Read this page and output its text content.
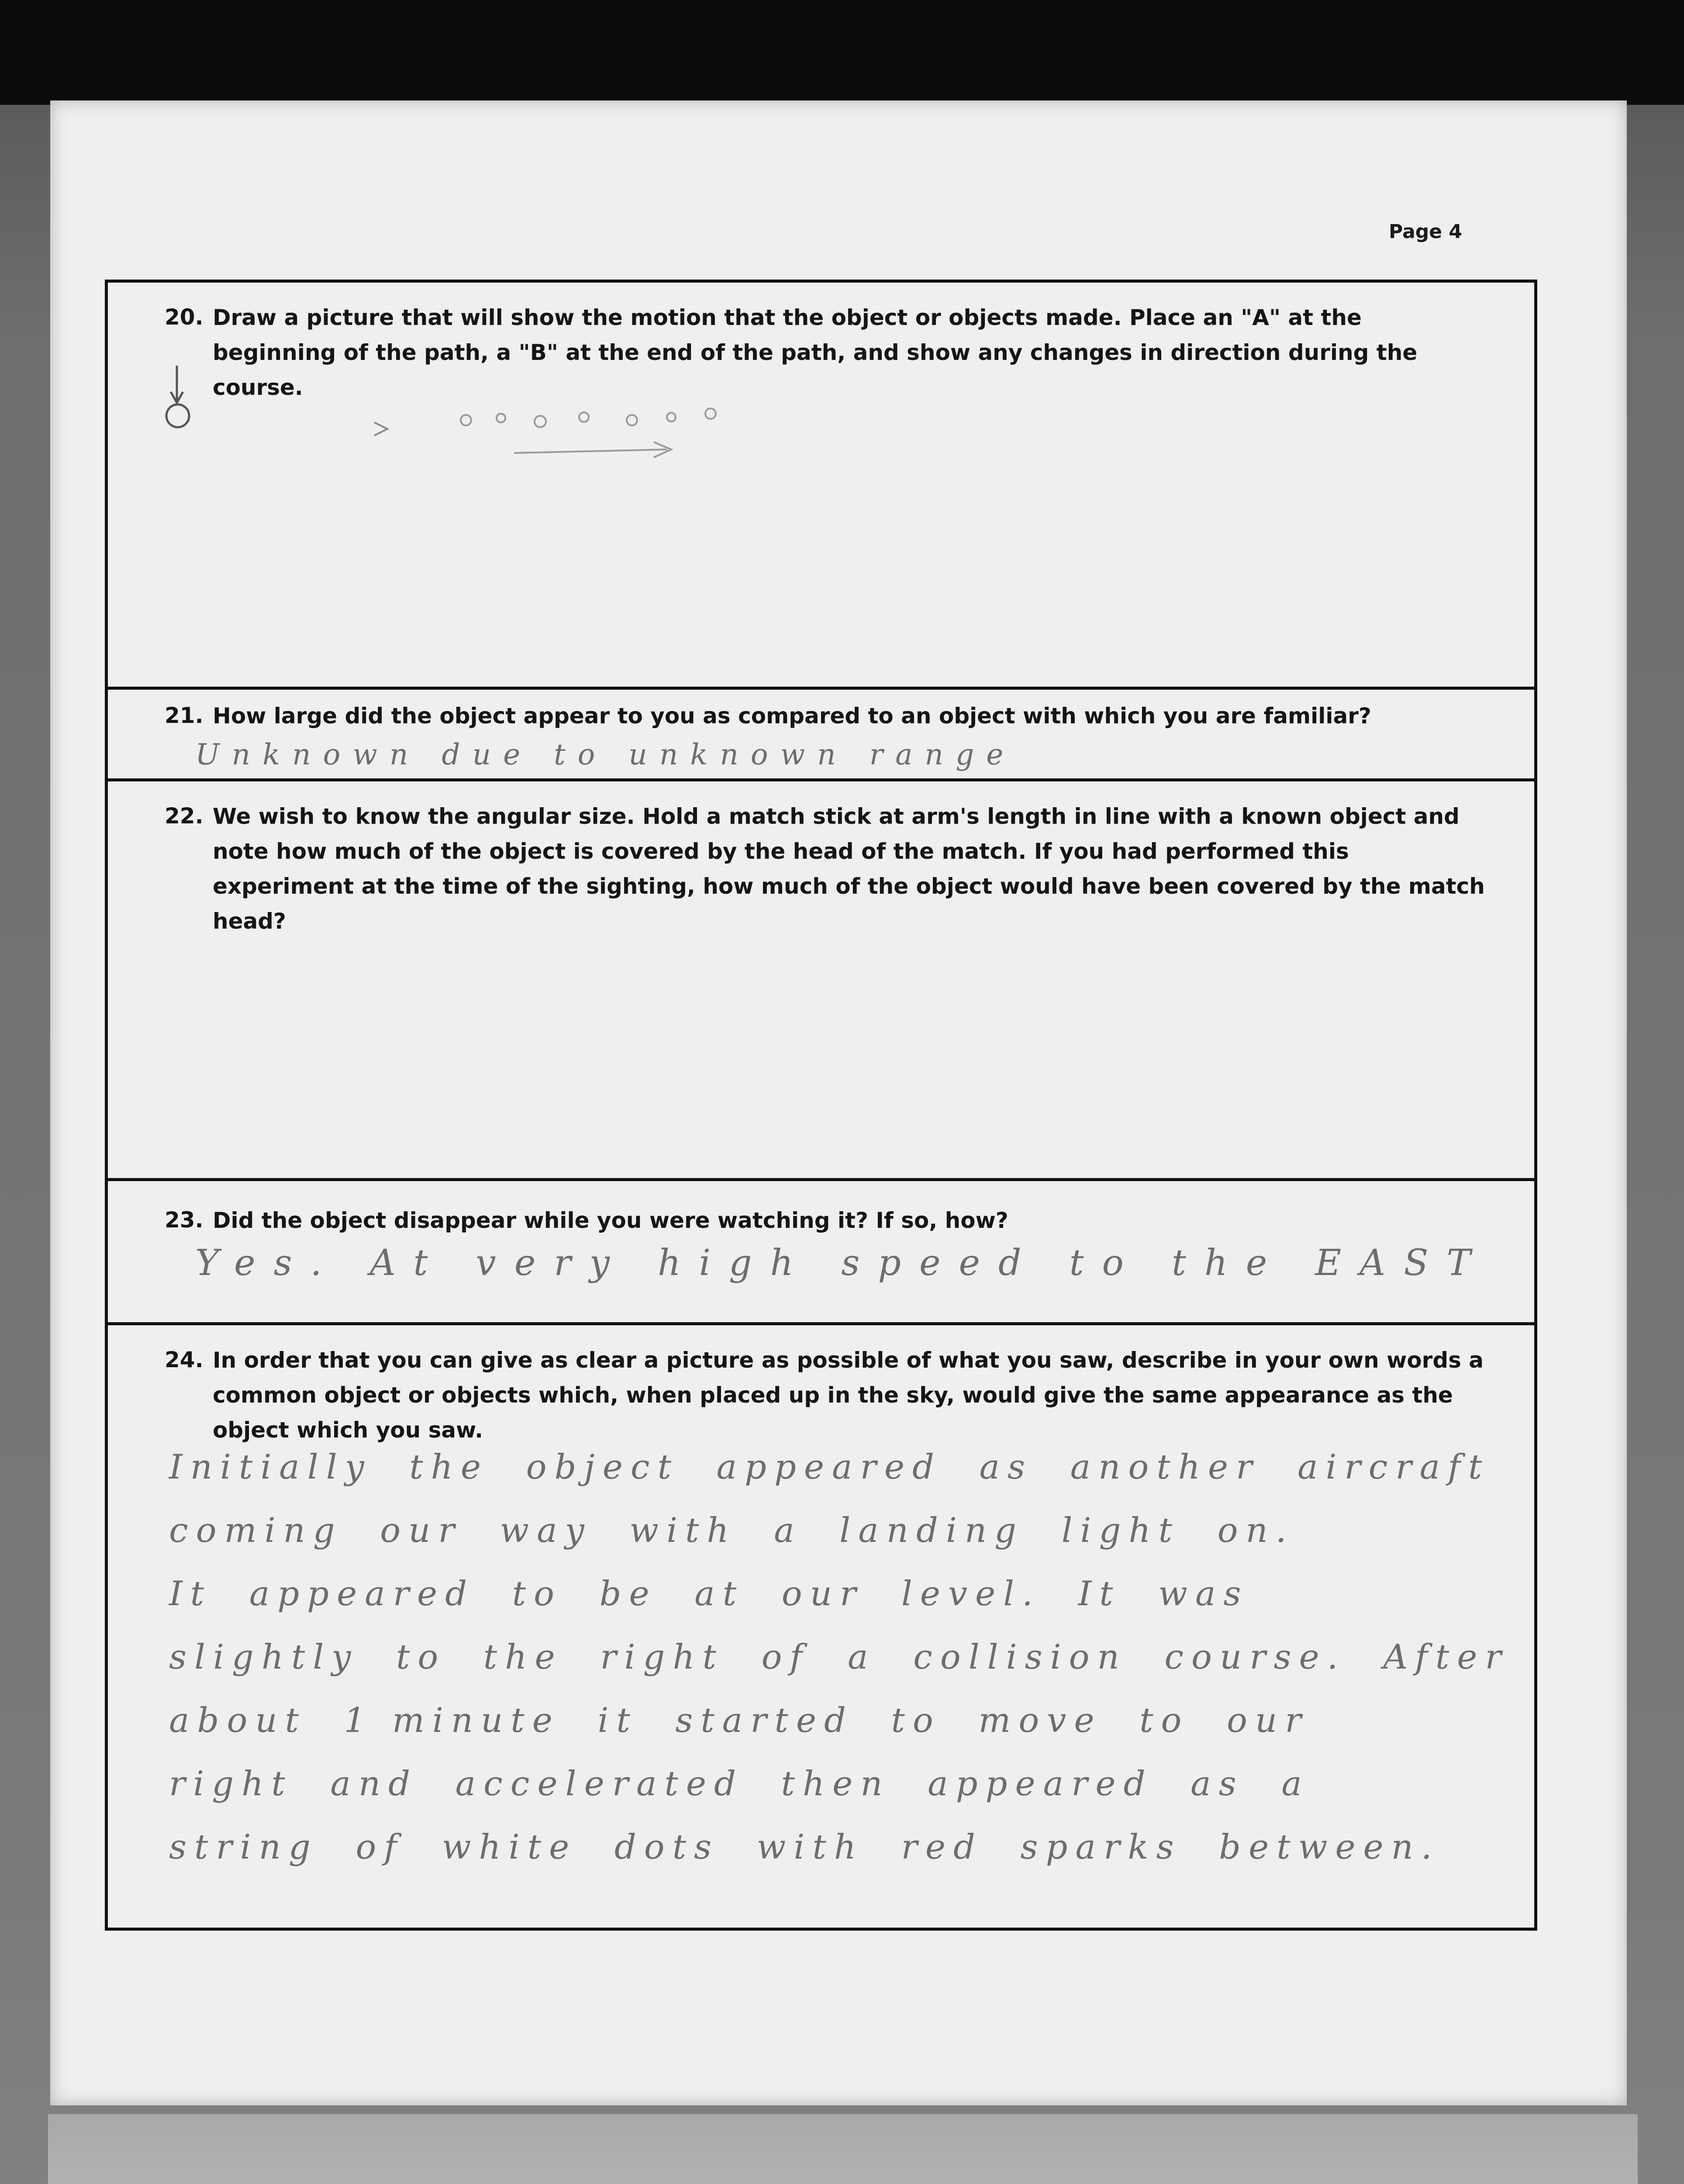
Page 4
20. Draw a picture that will show the motion that the object or objects made. Place an "A" at the beginning of the path, a "B" at the end of the path, and show any changes in direction during the course.
21. How large did the object appear to you as compared to an object with which you are familiar?
Unknown due to unknown range
22. We wish to know the angular size. Hold a match stick at arm's length in line with a known object and note how much of the object is covered by the head of the match. If you had performed this experiment at the time of the sighting, how much of the object would have been covered by the match head?
23. Did the object disappear while you were watching it? If so, how?
Yes. At very high speed to the EAST
24. In order that you can give as clear a picture as possible of what you saw, describe in your own words a common object or objects which, when placed up in the sky, would give the same appearance as the object which you saw.
Initially  the  object  appeared  as  another  aircraft
coming  our  way  with  a  landing  light  on.
It  appeared  to  be  at  our  level.  It  was
slightly  to  the  right  of  a  collision  course.  After
about  1 minute  it  started  to  move  to  our
right  and  accelerated  then  appeared  as  a
string  of  white  dots  with  red  sparks  between.
